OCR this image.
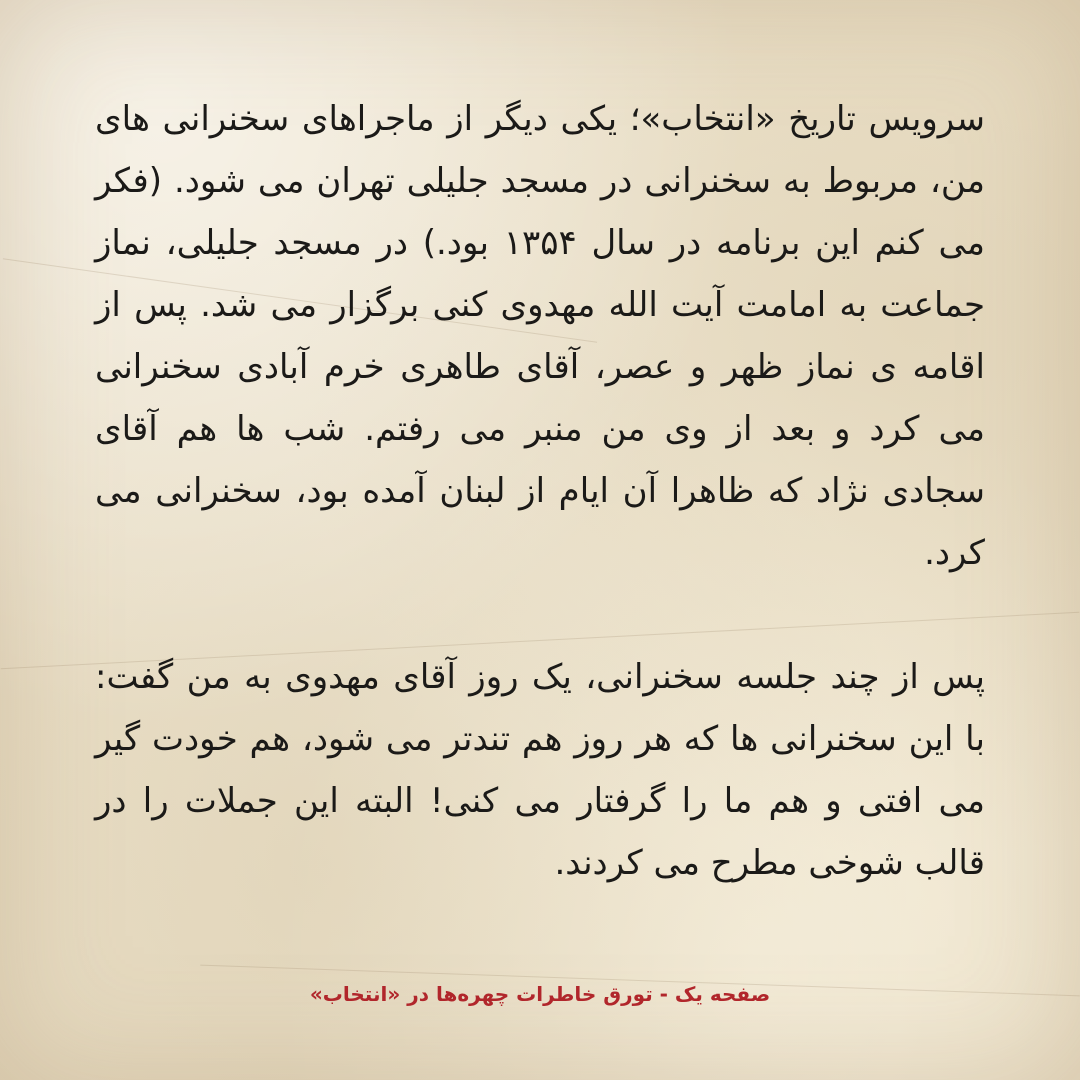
سرویس تاریخ «انتخاب»؛ یکی دیگر از ماجراهای سخنرانی های من، مربوط به سخنرانی در مسجد جلیلی تهران می شود. (فکر می کنم این برنامه در سال ۱۳۵۴ بود.) در مسجد جلیلی، نماز جماعت به امامت آیت الله مهدوی کنی برگزار می شد. پس از اقامه ی نماز ظهر و عصر، آقای طاهری خرم آبادی سخنرانی می کرد و بعد از وی من منبر می رفتم. شب ها هم آقای سجادی نژاد که ظاهرا آن ایام از لبنان آمده بود، سخنرانی می کرد.

پس از چند جلسه سخنرانی، یک روز آقای مهدوی به من گفت: با این سخنرانی ها که هر روز هم تندتر می شود، هم خودت گیر می افتی و هم ما را گرفتار می کنی! البته این جملات را در قالب شوخی مطرح می کردند.

صفحه یک - تورق خاطرات چهره‌ها در «انتخاب»
